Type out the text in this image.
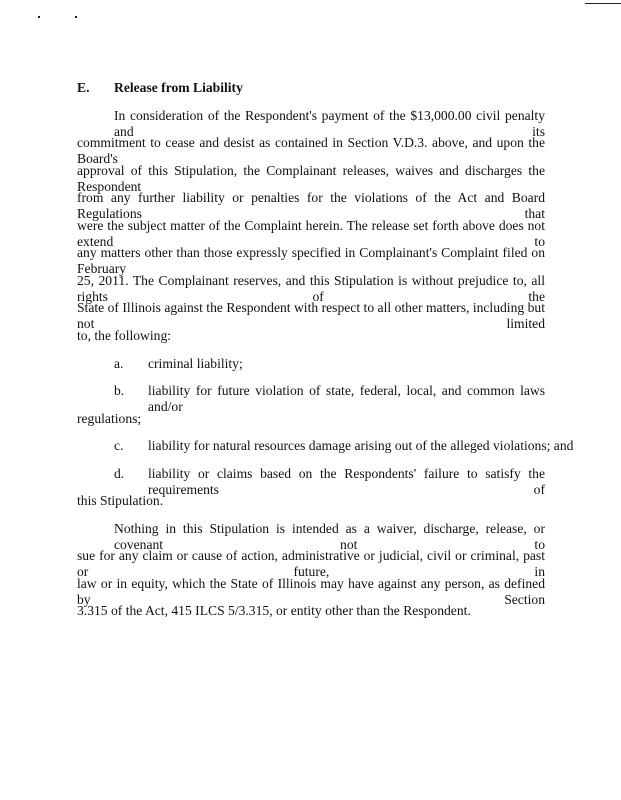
E. Release from Liability
In consideration of the Respondent's payment of the $13,000.00 civil penalty and its
commitment to cease and desist as contained in Section V.D.3. above, and upon the Board's
approval of this Stipulation, the Complainant releases, waives and discharges the Respondent
from any further liability or penalties for the violations of the Act and Board Regulations that
were the subject matter of the Complaint herein. The release set forth above does not extend to
any matters other than those expressly specified in Complainant's Complaint filed on February
25, 2011. The Complainant reserves, and this Stipulation is without prejudice to, all rights of the
State of Illinois against the Respondent with respect to all other matters, including but not limited
to, the following:
a. criminal liability;
b. liability for future violation of state, federal, local, and common laws and/or
regulations;
c. liability for natural resources damage arising out of the alleged violations; and
d. liability or claims based on the Respondents' failure to satisfy the requirements of
this Stipulation.
Nothing in this Stipulation is intended as a waiver, discharge, release, or covenant not to
sue for any claim or cause of action, administrative or judicial, civil or criminal, past or future, in
law or in equity, which the State of Illinois may have against any person, as defined by Section
3.315 of the Act, 415 ILCS 5/3.315, or entity other than the Respondent.
